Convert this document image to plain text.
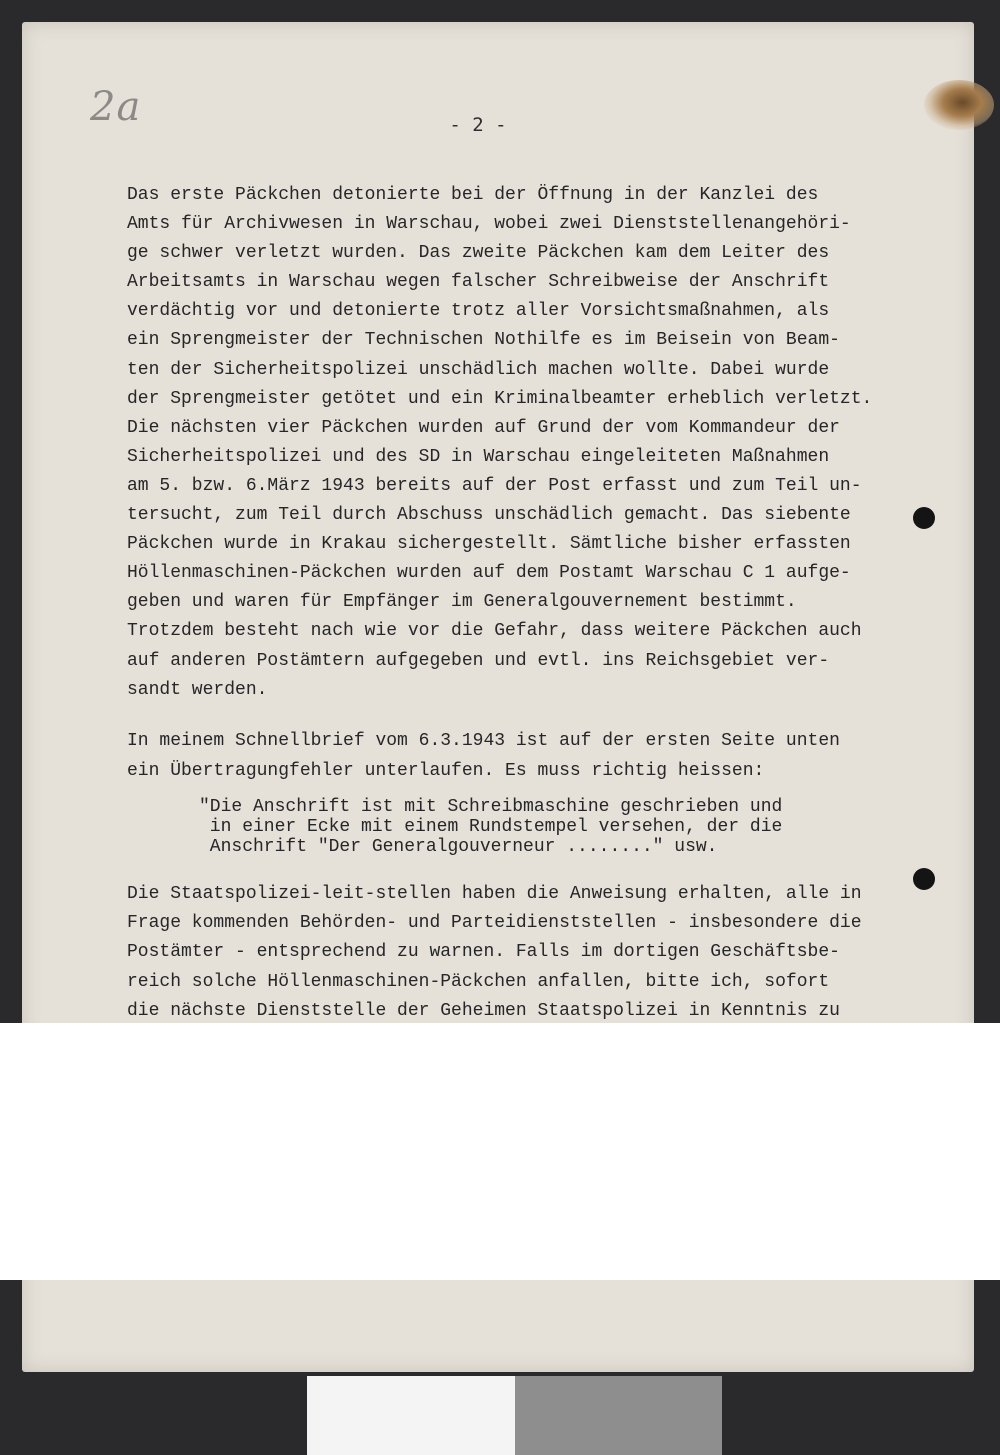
2a	- 2 -
Das erste Päckchen detonierte bei der Öffnung in der Kanzlei des
Amts für Archivwesen in Warschau, wobei zwei Dienststellenangehöri-
ge schwer verletzt wurden. Das zweite Päckchen kam dem Leiter des
Arbeitsamts in Warschau wegen falscher Schreibweise der Anschrift
verdächtig vor und detonierte trotz aller Vorsichtsmaßnahmen, als
ein Sprengmeister der Technischen Nothilfe es im Beisein von Beam-
ten der Sicherheitspolizei unschädlich machen wollte. Dabei wurde
der Sprengmeister getötet und ein Kriminalbeamter erheblich verletzt.
Die nächsten vier Päckchen wurden auf Grund der vom Kommandeur der
Sicherheitspolizei und des SD in Warschau eingeleiteten Maßnahmen
am 5. bzw. 6.März 1943 bereits auf der Post erfasst und zum Teil un-
tersucht, zum Teil durch Abschuss unschädlich gemacht. Das siebente
Päckchen wurde in Krakau sichergestellt. Sämtliche bisher erfassten
Höllenmaschinen-Päckchen wurden auf dem Postamt Warschau C 1 aufge-
geben und waren für Empfänger im Generalgouvernement bestimmt.
Trotzdem besteht nach wie vor die Gefahr, dass weitere Päckchen auch
auf anderen Postämtern aufgegeben und evtl. ins Reichsgebiet ver-
sandt werden.
In meinem Schnellbrief vom 6.3.1943 ist auf der ersten Seite unten
ein Übertragungfehler unterlaufen. Es muss richtig heissen:
"Die Anschrift ist mit Schreibmaschine geschrieben und
in einer Ecke mit einem Rundstempel versehen, der die
Anschrift "Der Generalgouverneur ........" usw.
Die Staatspolizei-leit-stellen haben die Anweisung erhalten, alle in
Frage kommenden Behörden- und Parteidienststellen - insbesondere die
Postämter - entsprechend zu warnen. Falls im dortigen Geschäftsbe-
reich solche Höllenmaschinen-Päckchen anfallen, bitte ich, sofort
die nächste Dienststelle der Geheimen Staatspolizei in Kenntnis zu
